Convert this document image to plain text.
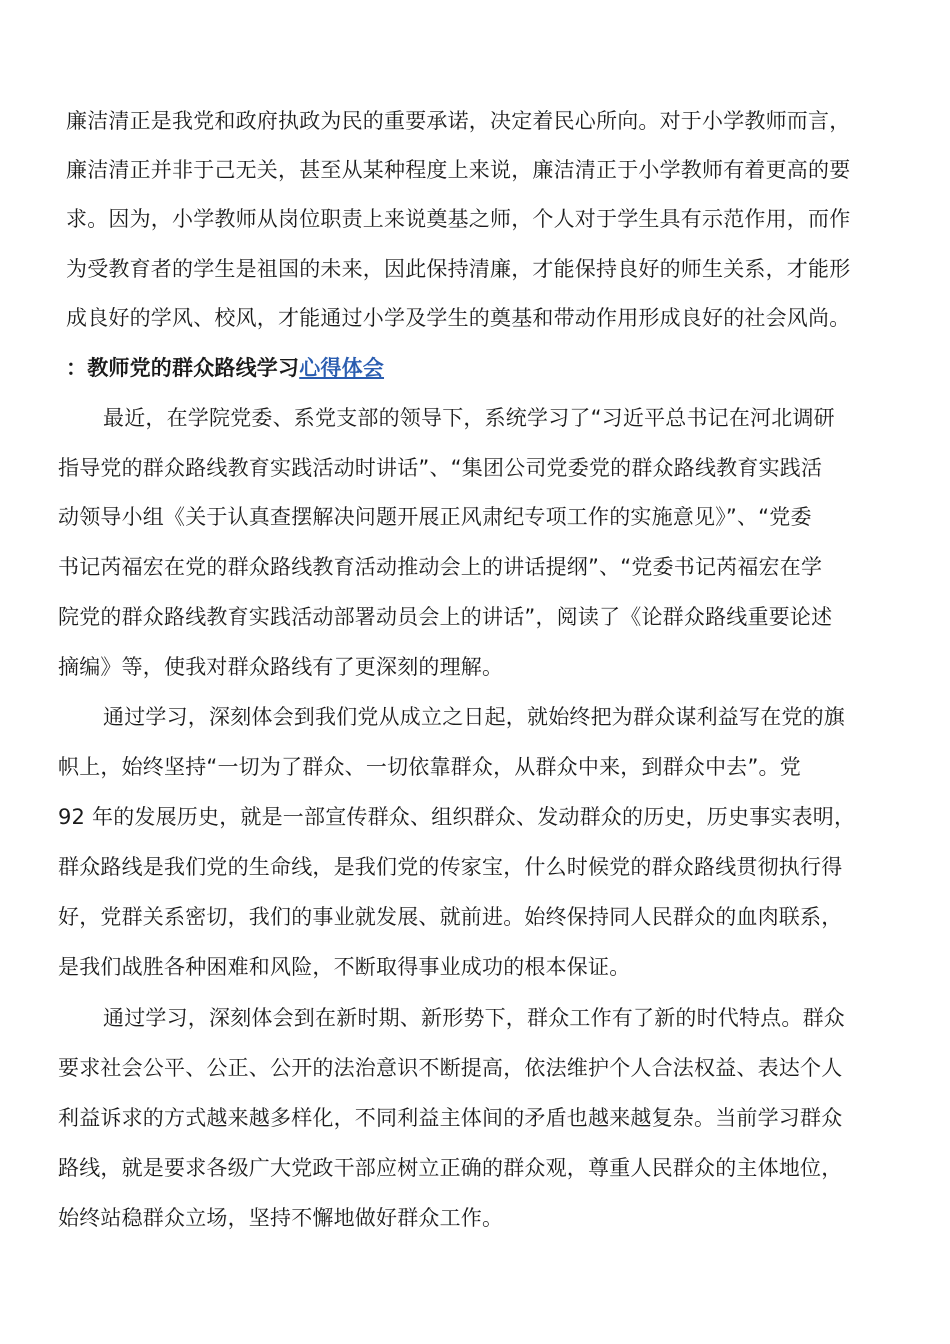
廉洁清正是我党和政府执政为民的重要承诺，决定着民心所向。对于小学教师而言，
廉洁清正并非于己无关，甚至从某种程度上来说，廉洁清正于小学教师有着更高的要
求。因为，小学教师从岗位职责上来说奠基之师，个人对于学生具有示范作用，而作
为受教育者的学生是祖国的未来，因此保持清廉，才能保持良好的师生关系，才能形
成良好的学风、校风，才能通过小学及学生的奠基和带动作用形成良好的社会风尚。
：教师党的群众路线学习心得体会
最近，在学院党委、系党支部的领导下，系统学习了“习近平总书记在河北调研
指导党的群众路线教育实践活动时讲话”、“集团公司党委党的群众路线教育实践活
动领导小组《关于认真查摆解决问题开展正风肃纪专项工作的实施意见》”、“党委
书记芮福宏在党的群众路线教育活动推动会上的讲话提纲”、“党委书记芮福宏在学
院党的群众路线教育实践活动部署动员会上的讲话”，阅读了《论群众路线重要论述
摘编》等，使我对群众路线有了更深刻的理解。
通过学习，深刻体会到我们党从成立之日起，就始终把为群众谋利益写在党的旗
帜上，始终坚持“一切为了群众、一切依靠群众，从群众中来，到群众中去”。党
92 年的发展历史，就是一部宣传群众、组织群众、发动群众的历史，历史事实表明，
群众路线是我们党的生命线，是我们党的传家宝，什么时候党的群众路线贯彻执行得
好，党群关系密切，我们的事业就发展、就前进。始终保持同人民群众的血肉联系，
是我们战胜各种困难和风险，不断取得事业成功的根本保证。
通过学习，深刻体会到在新时期、新形势下，群众工作有了新的时代特点。群众
要求社会公平、公正、公开的法治意识不断提高，依法维护个人合法权益、表达个人
利益诉求的方式越来越多样化，不同利益主体间的矛盾也越来越复杂。当前学习群众
路线，就是要求各级广大党政干部应树立正确的群众观，尊重人民群众的主体地位，
始终站稳群众立场，坚持不懈地做好群众工作。
